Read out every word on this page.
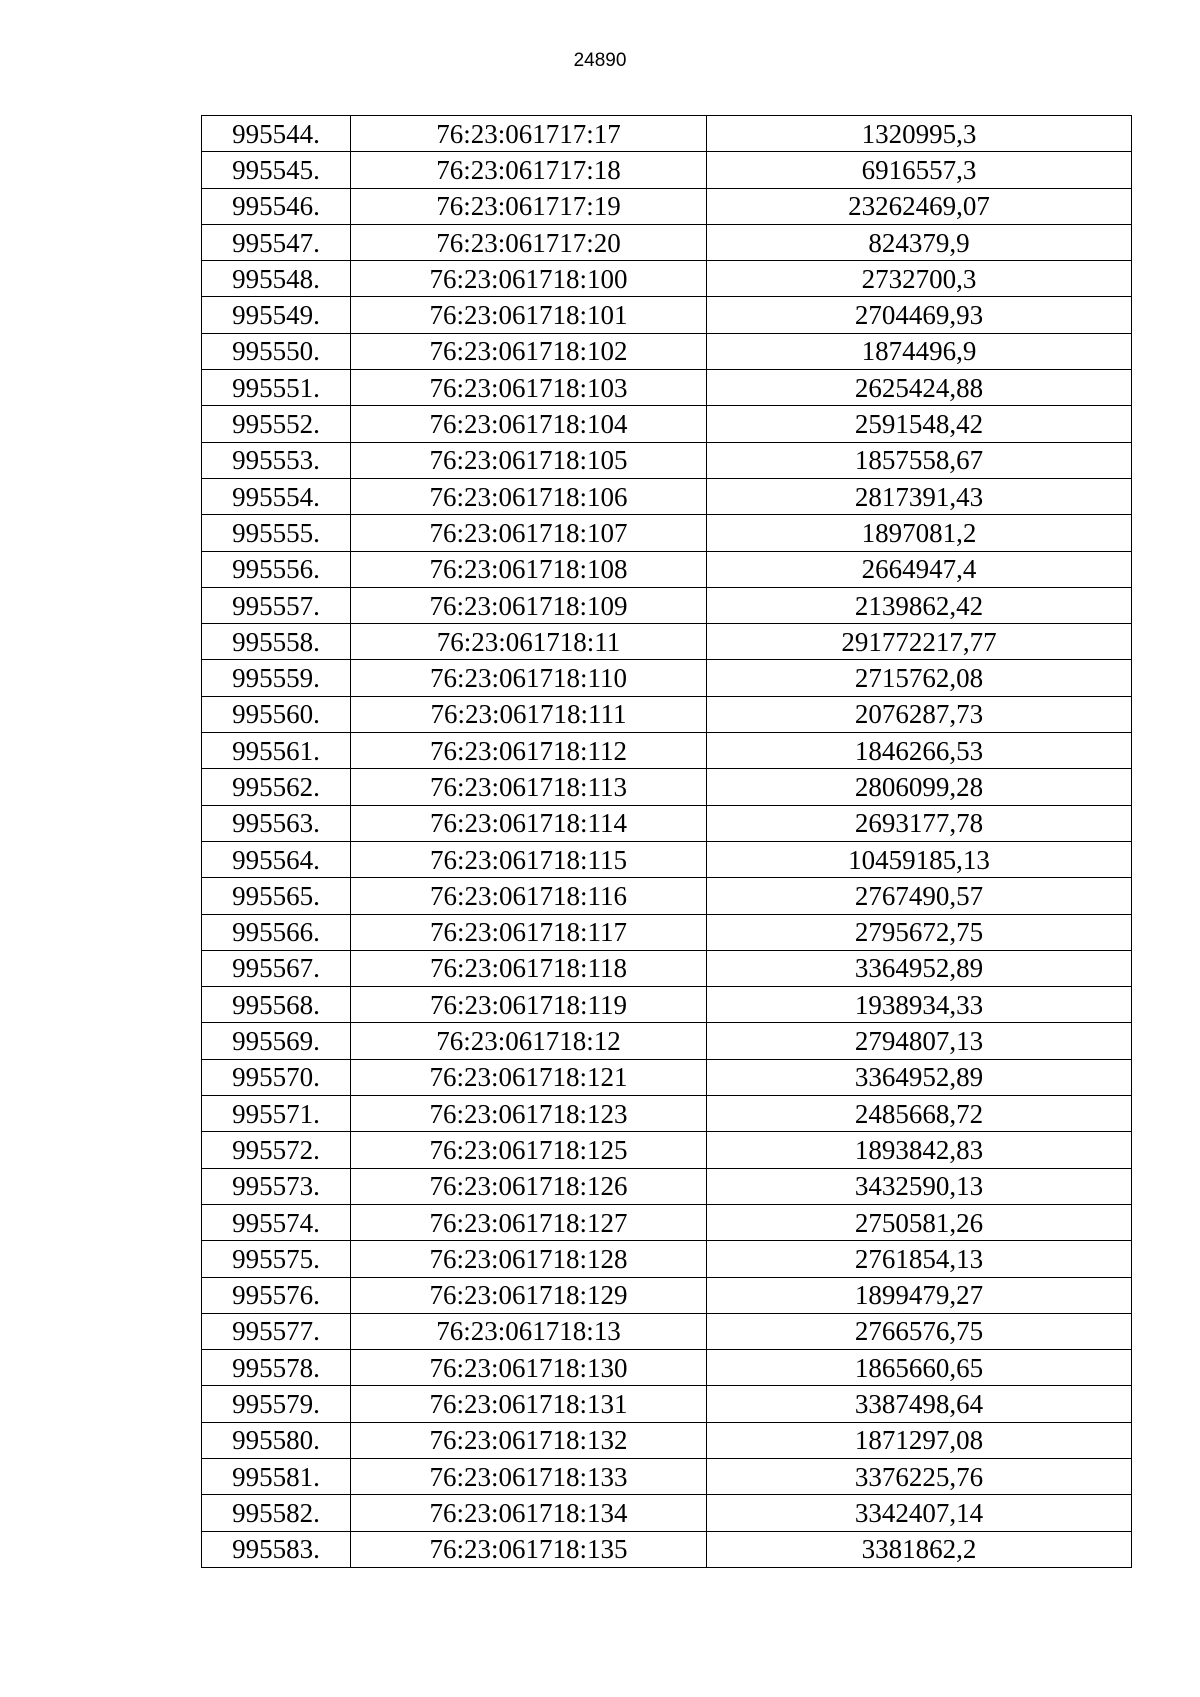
24890
995544.	76:23:061717:17	1320995,3
995545.	76:23:061717:18	6916557,3
995546.	76:23:061717:19	23262469,07
995547.	76:23:061717:20	824379,9
995548.	76:23:061718:100	2732700,3
995549.	76:23:061718:101	2704469,93
995550.	76:23:061718:102	1874496,9
995551.	76:23:061718:103	2625424,88
995552.	76:23:061718:104	2591548,42
995553.	76:23:061718:105	1857558,67
995554.	76:23:061718:106	2817391,43
995555.	76:23:061718:107	1897081,2
995556.	76:23:061718:108	2664947,4
995557.	76:23:061718:109	2139862,42
995558.	76:23:061718:11	291772217,77
995559.	76:23:061718:110	2715762,08
995560.	76:23:061718:111	2076287,73
995561.	76:23:061718:112	1846266,53
995562.	76:23:061718:113	2806099,28
995563.	76:23:061718:114	2693177,78
995564.	76:23:061718:115	10459185,13
995565.	76:23:061718:116	2767490,57
995566.	76:23:061718:117	2795672,75
995567.	76:23:061718:118	3364952,89
995568.	76:23:061718:119	1938934,33
995569.	76:23:061718:12	2794807,13
995570.	76:23:061718:121	3364952,89
995571.	76:23:061718:123	2485668,72
995572.	76:23:061718:125	1893842,83
995573.	76:23:061718:126	3432590,13
995574.	76:23:061718:127	2750581,26
995575.	76:23:061718:128	2761854,13
995576.	76:23:061718:129	1899479,27
995577.	76:23:061718:13	2766576,75
995578.	76:23:061718:130	1865660,65
995579.	76:23:061718:131	3387498,64
995580.	76:23:061718:132	1871297,08
995581.	76:23:061718:133	3376225,76
995582.	76:23:061718:134	3342407,14
995583.	76:23:061718:135	3381862,2
